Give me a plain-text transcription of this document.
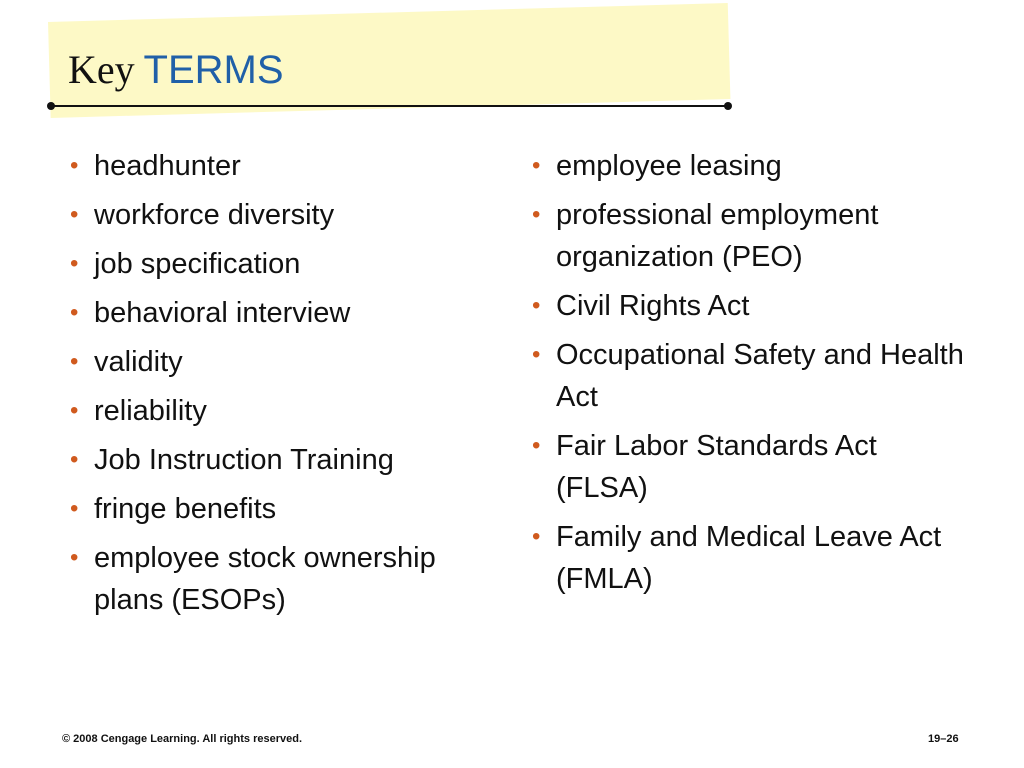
Key TERMS
• headhunter
• workforce diversity
• job specification
• behavioral interview
• validity
• reliability
• Job Instruction Training
• fringe benefits
• employee stock ownership plans (ESOPs)
• employee leasing
• professional employment organization (PEO)
• Civil Rights Act
• Occupational Safety and Health Act
• Fair Labor Standards Act (FLSA)
• Family and Medical Leave Act (FMLA)
© 2008 Cengage Learning. All rights reserved.	19–26
